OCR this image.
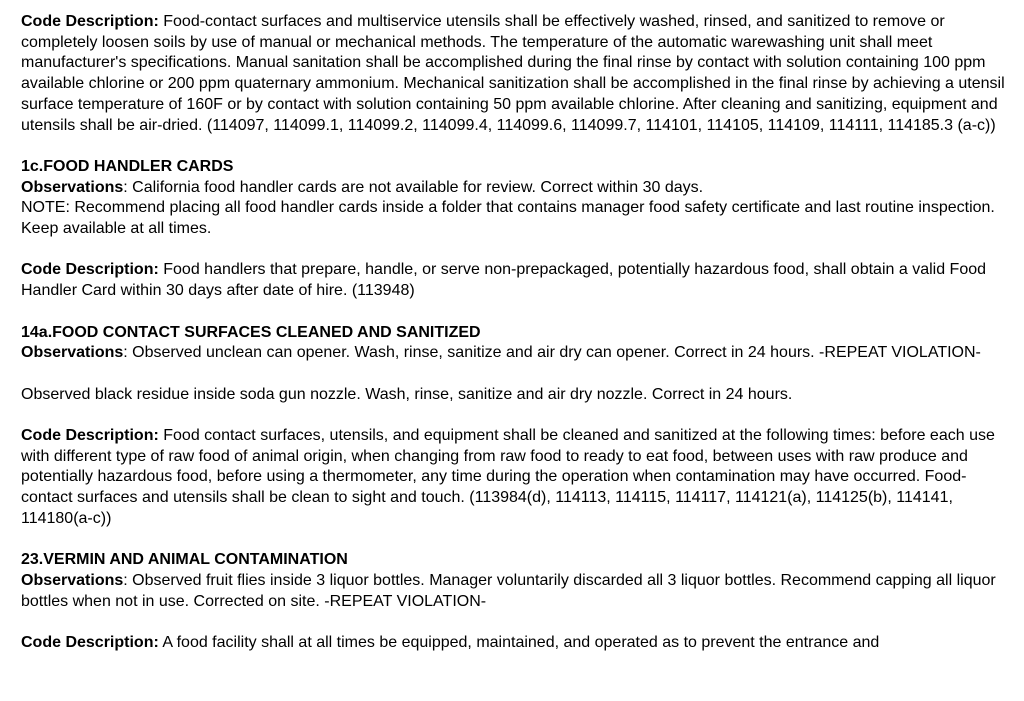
Code Description: Food-contact surfaces and multiservice utensils shall be effectively washed, rinsed, and sanitized to remove or completely loosen soils by use of manual or mechanical methods. The temperature of the automatic warewashing unit shall meet manufacturer's specifications. Manual sanitation shall be accomplished during the final rinse by contact with solution containing 100 ppm available chlorine or 200 ppm quaternary ammonium. Mechanical sanitization shall be accomplished in the final rinse by achieving a utensil surface temperature of 160F or by contact with solution containing 50 ppm available chlorine. After cleaning and sanitizing, equipment and utensils shall be air-dried. (114097, 114099.1, 114099.2, 114099.4, 114099.6, 114099.7, 114101, 114105, 114109, 114111, 114185.3 (a-c))
1c.FOOD HANDLER CARDS
Observations: California food handler cards are not available for review. Correct within 30 days.
NOTE: Recommend placing all food handler cards inside a folder that contains manager food safety certificate and last routine inspection. Keep available at all times.
Code Description: Food handlers that prepare, handle, or serve non-prepackaged, potentially hazardous food, shall obtain a valid Food Handler Card within 30 days after date of hire. (113948)
14a.FOOD CONTACT SURFACES CLEANED AND SANITIZED
Observations: Observed unclean can opener. Wash, rinse, sanitize and air dry can opener. Correct in 24 hours. -REPEAT VIOLATION-
Observed black residue inside soda gun nozzle. Wash, rinse, sanitize and air dry nozzle. Correct in 24 hours.
Code Description: Food contact surfaces, utensils, and equipment shall be cleaned and sanitized at the following times: before each use with different type of raw food of animal origin, when changing from raw food to ready to eat food, between uses with raw produce and potentially hazardous food, before using a thermometer, any time during the operation when contamination may have occurred. Food-contact surfaces and utensils shall be clean to sight and touch. (113984(d), 114113, 114115, 114117, 114121(a), 114125(b), 114141, 114180(a-c))
23.VERMIN AND ANIMAL CONTAMINATION
Observations: Observed fruit flies inside 3 liquor bottles. Manager voluntarily discarded all 3 liquor bottles. Recommend capping all liquor bottles when not in use. Corrected on site. -REPEAT VIOLATION-
Code Description: A food facility shall at all times be equipped, maintained, and operated as to prevent the entrance and
